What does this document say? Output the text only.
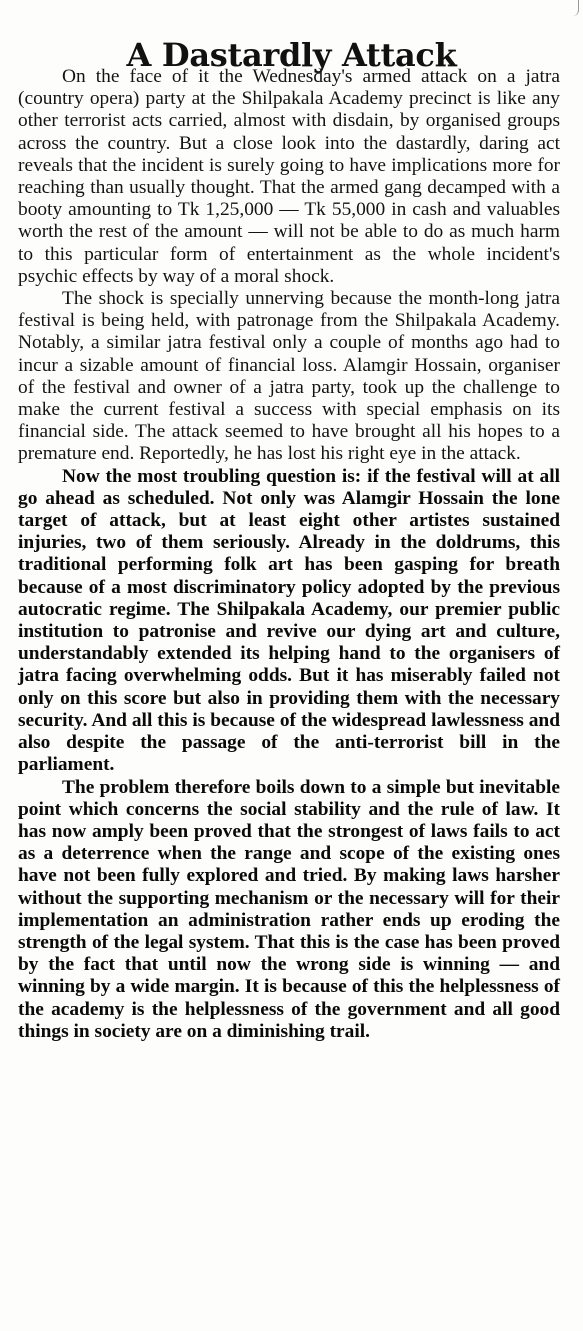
A Dastardly Attack

On the face of it the Wednesday's armed attack on a jatra (country opera) party at the Shilpakala Academy precinct is like any other terrorist acts carried, almost with disdain, by organised groups across the country. But a close look into the dastardly, daring act reveals that the incident is surely going to have implications more for reaching than usually thought. That the armed gang decamped with a booty amounting to Tk 1,25,000 — Tk 55,000 in cash and valuables worth the rest of the amount — will not be able to do as much harm to this particular form of entertainment as the whole incident's psychic effects by way of a moral shock.

The shock is specially unnerving because the month-long jatra festival is being held, with patronage from the Shilpakala Academy. Notably, a similar jatra festival only a couple of months ago had to incur a sizable amount of financial loss. Alamgir Hossain, organiser of the festival and owner of a jatra party, took up the challenge to make the current festival a success with special emphasis on its financial side. The attack seemed to have brought all his hopes to a premature end. Reportedly, he has lost his right eye in the attack.

Now the most troubling question is: if the festival will at all go ahead as scheduled. Not only was Alamgir Hossain the lone target of attack, but at least eight other artistes sustained injuries, two of them seriously. Already in the doldrums, this traditional performing folk art has been gasping for breath because of a most discriminatory policy adopted by the previous autocratic regime. The Shilpakala Academy, our premier public institution to patronise and revive our dying art and culture, understandably extended its helping hand to the organisers of jatra facing overwhelming odds. But it has miserably failed not only on this score but also in providing them with the necessary security. And all this is because of the widespread lawlessness and also despite the passage of the anti-terrorist bill in the parliament.

The problem therefore boils down to a simple but inevitable point which concerns the social stability and the rule of law. It has now amply been proved that the strongest of laws fails to act as a deterrence when the range and scope of the existing ones have not been fully explored and tried. By making laws harsher without the supporting mechanism or the necessary will for their implementation an administration rather ends up eroding the strength of the legal system. That this is the case has been proved by the fact that until now the wrong side is winning — and winning by a wide margin. It is because of this the helplessness of the academy is the helplessness of the government and all good things in society are on a diminishing trail.
